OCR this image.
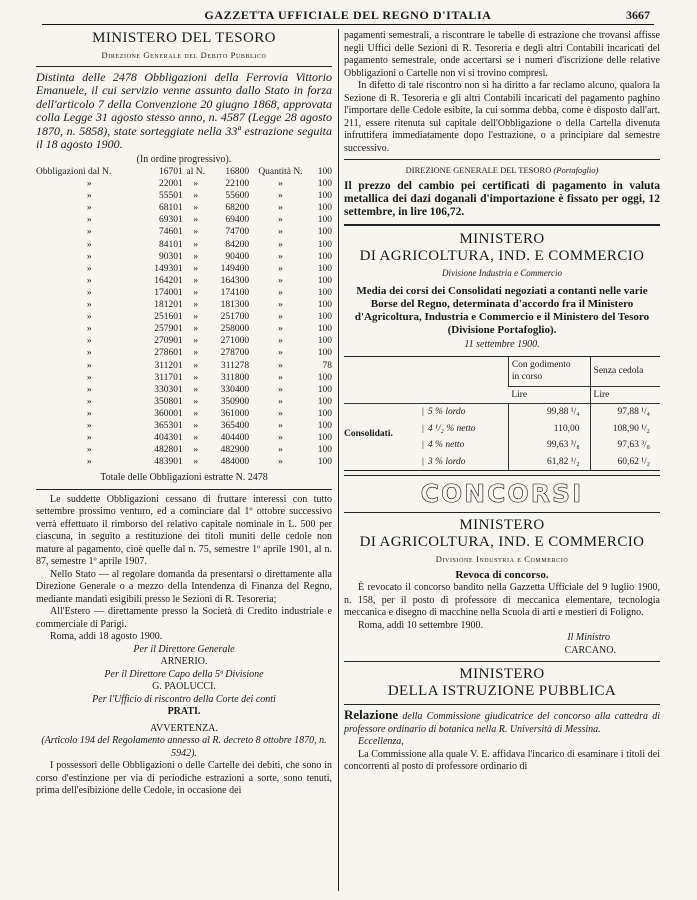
GAZZETTA UFFICIALE DEL REGNO D'ITALIA	3667

MINISTERO DEL TESORO

Direzione Generale del Debito Pubblico

Distinta delle 2478 Obbligazioni della Ferrovia Vittorio Emanuele, il cui servizio venne assunto dallo Stato in forza dell'articolo 7 della Convenzione 20 giugno 1868, approvata colla Legge 31 agosto stesso anno, n. 4587 (Legge 28 agosto 1870, n. 5858), state sorteggiate nella 33ª estrazione seguita il 18 agosto 1900.

(In ordine progressivo).

Obbligazioni dal N.	16701	al N.	16800	Quantità N.	100
»	22001	»	22100	»	100
»	55501	»	55600	»	100
»	68101	»	68200	»	100
»	69301	»	69400	»	100
»	74601	»	74700	»	100
»	84101	»	84200	»	100
»	90301	»	90400	»	100
»	149301	»	149400	»	100
»	164201	»	164300	»	100
»	174001	»	174100	»	100
»	181201	»	181300	»	100
»	251601	»	251700	»	100
»	257901	»	258000	»	100
»	270901	»	271000	»	100
»	278601	»	278700	»	100
»	311201	»	311278	»	78
»	311701	»	311800	»	100
»	330301	»	330400	»	100
»	350801	»	350900	»	100
»	360001	»	361000	»	100
»	365301	»	365400	»	100
»	404301	»	404400	»	100
»	482801	»	482900	»	100
»	483901	»	484000	»	100

Totale delle Obbligazioni estratte N. 2478

Le suddette Obbligazioni cessano di fruttare interessi con tutto settembre prossimo venturo, ed a cominciare dal 1º ottobre successivo verrà effettuato il rimborso del relativo capitale nominale in L. 500 per ciascuna, in seguito a restituzione dei titoli muniti delle cedole non mature al pagamento, cioè quelle dal n. 75, semestre 1º aprile 1901, al n. 87, semestre 1º aprile 1907.

Nello Stato — al regolare domanda da presentarsi o direttamente alla Direzione Generale o a mezzo della Intendenza di Finanza del Regno, mediante mandati esigibili presso le Sezioni di R. Tesoreria;

All'Estero — direttamente presso la Società di Credito industriale e commerciale di Parigi.

Roma, addì 18 agosto 1900.

Per il Direttore Generale

ARNERIO.

Per il Direttore Capo della 5ª Divisione

G. PAOLUCCI.

Per l'Ufficio di riscontro della Corte dei conti

PRATI.

AVVERTENZA.

(Articolo 194 del Regolamento annesso al R. decreto 8 ottobre 1870, n. 5942).

I possessori delle Obbligazioni o delle Cartelle dei debiti, che sono in corso d'estinzione per via di periodiche estrazioni a sorte, sono tenuti, prima dell'esibizione delle Cedole, in occasione dei

pagamenti semestrali, a riscontrare le tabelle di estrazione che trovansi affisse negli Uffici delle Sezioni di R. Tesoreria e degli altri Contabili incaricati del pagamento semestrale, onde accertarsi se i numeri d'iscrizione delle relative Obbligazioni o Cartelle non vi si trovino compresi.

In difetto di tale riscontro non si ha diritto a far reclamo alcuno, qualora la Sezione di R. Tesoreria e gli altri Contabili incaricati del pagamento paghino l'importare delle Cedole esibite, la cui somma debba, come è disposto dall'art. 211, essere ritenuta sul capitale dell'Obbligazione o della Cartella divenuta infruttifera immediatamente dopo l'estrazione, o a principiare dal semestre successivo.

DIREZIONE GENERALE DEL TESORO (Portafoglio)

Il prezzo del cambio pei certificati di pagamento in valuta metallica dei dazi doganali d'importazione è fissato per oggi, 12 settembre, in lire 106,72.

MINISTERO

DI AGRICOLTURA, IND. E COMMERCIO

Divisione Industria e Commercio

Media dei corsi dei Consolidati negoziati a contanti nelle varie Borse del Regno, determinata d'accordo fra il Ministero d'Agricoltura, Industria e Commercio e il Ministero del Tesoro (Divisione Portafoglio).

11 settembre 1900.

	Con godimento
in corso	Senza cedola
	Lire	Lire
Consolidati.| 5 % lordo	99,88 ¹/₄	97,88 ¹/₄
| 4 ¹/₂ % netto	110,00	108,90 ¹/₂
| 4 % netto	99,63 ³/₈	97,63 ³/₈
| 3 % lordo	61,82 ¹/₂	60,62 ¹/₂

CONCORSI

MINISTERO

DI AGRICOLTURA, IND. E COMMERCIO

Divisione Industria e Commercio

Revoca di concorso.

È revocato il concorso bandito nella Gazzetta Ufficiale del 9 luglio 1900, n. 158, per il posto di professore di meccanica elementare, tecnologia meccanica e disegno di macchine nella Scuola di arti e mestieri di Foligno.

Roma, addì 10 settembre 1900.

Il Ministro

CARCANO.

MINISTERO

DELLA ISTRUZIONE PUBBLICA

Relazione della Commissione giudicatrice del concorso alla cattedra di professore ordinario di botanica nella R. Università di Messina.

Eccellenza,

La Commissione alla quale V. E. affidava l'incarico di esaminare i titoli dei concorrenti al posto di professore ordinario di
